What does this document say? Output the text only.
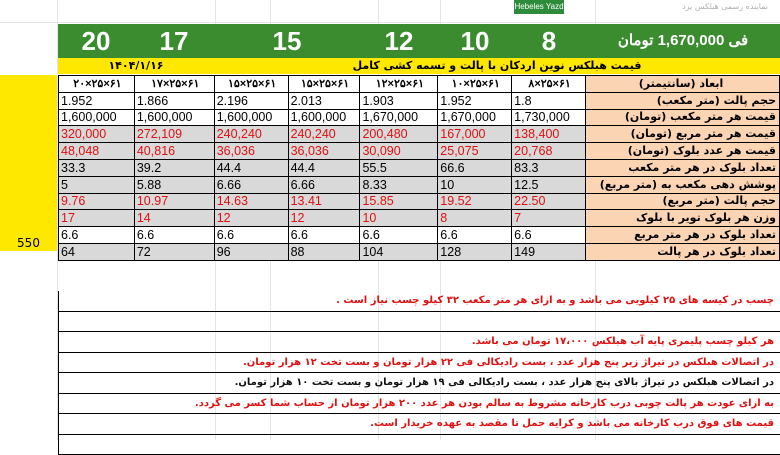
Hebeles Yazd	نماینده رسمی هبلکس یزد
20	17	15	12	10	8	فی 1,670,000 تومان
۱۴۰۴/۱/۱۶	قیمت هبلکس نوین اردکان با پالت و تسمه کشی کامل
550
۲۰×۲۵×۶۱	۱۷×۲۵×۶۱	۱۵×۲۵×۶۱	۱۵×۲۵×۶۱	۱۲×۲۵×۶۱	۱۰×۲۵×۶۱	۸×۲۵×۶۱	ابعاد (سانتیمتر)
1.952	1.866	2.196	2.013	1.903	1.952	1.8	حجم پالت (متر مکعب)
1,600,000	1,600,000	1,600,000	1,600,000	1,670,000	1,670,000	1,730,000	قیمت هر متر مکعب (تومان)
320,000	272,109	240,240	240,240	200,480	167,000	138,400	قیمت هر متر مربع (تومان)
48,048	40,816	36,036	36,036	30,090	25,075	20,768	قیمت هر عدد بلوک (تومان)
33.3	39.2	44.4	44.4	55.5	66.6	83.3	تعداد بلوک در هر متر مکعب
5	5.88	6.66	6.66	8.33	10	12.5	پوشش دهی مکعب به (متر مربع)
9.76	10.97	14.63	13.41	15.85	19.52	22.50	حجم پالت (متر مربع)
17	14	12	12	10	8	7	وزن هر بلوک تویر با بلوک
6.6	6.6	6.6	6.6	6.6	6.6	6.6	تعداد بلوک در هر متر مربع
64	72	96	88	104	128	149	تعداد بلوک در هر پالت
چسب در کیسه های ۲۵ کیلویی می باشد و به ازای هر متر مکعب ۳۲ کیلو چسب نیاز است .
هر کیلو چسب پلیمری پایه آب هبلکس ۱۷،۰۰۰ تومان می باشد.
در اتصالات هبلکس در تیراژ زیر پنج هزار عدد ، بست رادیکالی فی ۲۲ هزار تومان و بست تخت ۱۲ هزار تومان.
در اتصالات هبلکس در تیراژ بالای پنج هزار عدد ، بست رادیکالی فی ۱۹ هزار تومان و بست تخت ۱۰ هزار تومان.
به ازای عودت هر پالت چوبی درب کارخانه مشروط به سالم بودن هر عدد ۲۰۰ هزار تومان از حساب شما کسر می گردد.
قیمت های فوق درب کارخانه می باشد و کرایه حمل تا مقصد به عهده خریدار است.
